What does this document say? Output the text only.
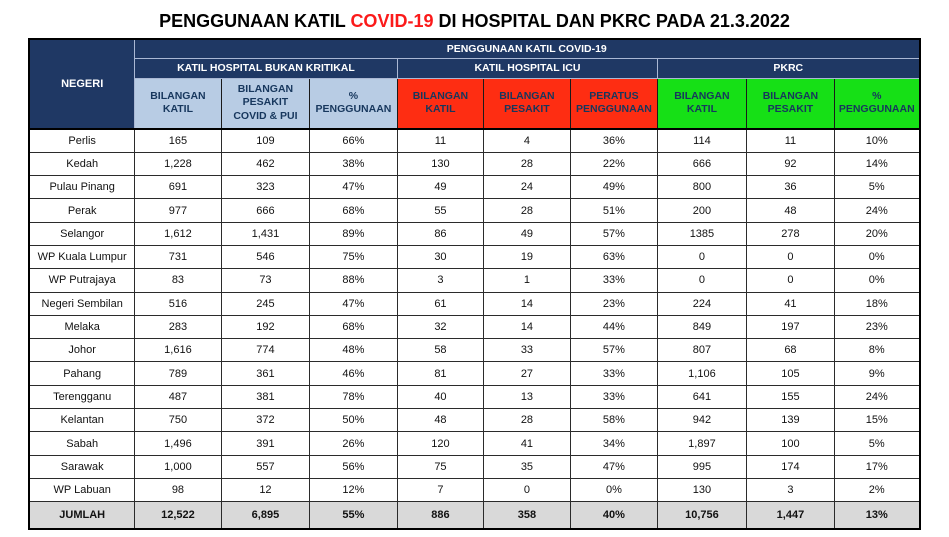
PENGGUNAAN KATIL COVID-19 DI HOSPITAL DAN PKRC PADA 21.3.2022
NEGERI	PENGGUNAAN KATIL COVID-19								
	KATIL HOSPITAL BUKAN KRITIKAL			KATIL HOSPITAL ICU			PKRC		
	BILANGAN KATIL	BILANGAN PESAKIT COVID & PUI	% PENGGUNAAN	BILANGAN KATIL	BILANGAN PESAKIT	PERATUS PENGGUNAAN	BILANGAN KATIL	BILANGAN PESAKIT	% PENGGUNAAN
Perlis	165	109	66%	11	4	36%	114	11	10%
Kedah	1,228	462	38%	130	28	22%	666	92	14%
Pulau Pinang	691	323	47%	49	24	49%	800	36	5%
Perak	977	666	68%	55	28	51%	200	48	24%
Selangor	1,612	1,431	89%	86	49	57%	1385	278	20%
WP Kuala Lumpur	731	546	75%	30	19	63%	0	0	0%
WP Putrajaya	83	73	88%	3	1	33%	0	0	0%
Negeri Sembilan	516	245	47%	61	14	23%	224	41	18%
Melaka	283	192	68%	32	14	44%	849	197	23%
Johor	1,616	774	48%	58	33	57%	807	68	8%
Pahang	789	361	46%	81	27	33%	1,106	105	9%
Terengganu	487	381	78%	40	13	33%	641	155	24%
Kelantan	750	372	50%	48	28	58%	942	139	15%
Sabah	1,496	391	26%	120	41	34%	1,897	100	5%
Sarawak	1,000	557	56%	75	35	47%	995	174	17%
WP Labuan	98	12	12%	7	0	0%	130	3	2%
JUMLAH	12,522	6,895	55%	886	358	40%	10,756	1,447	13%
